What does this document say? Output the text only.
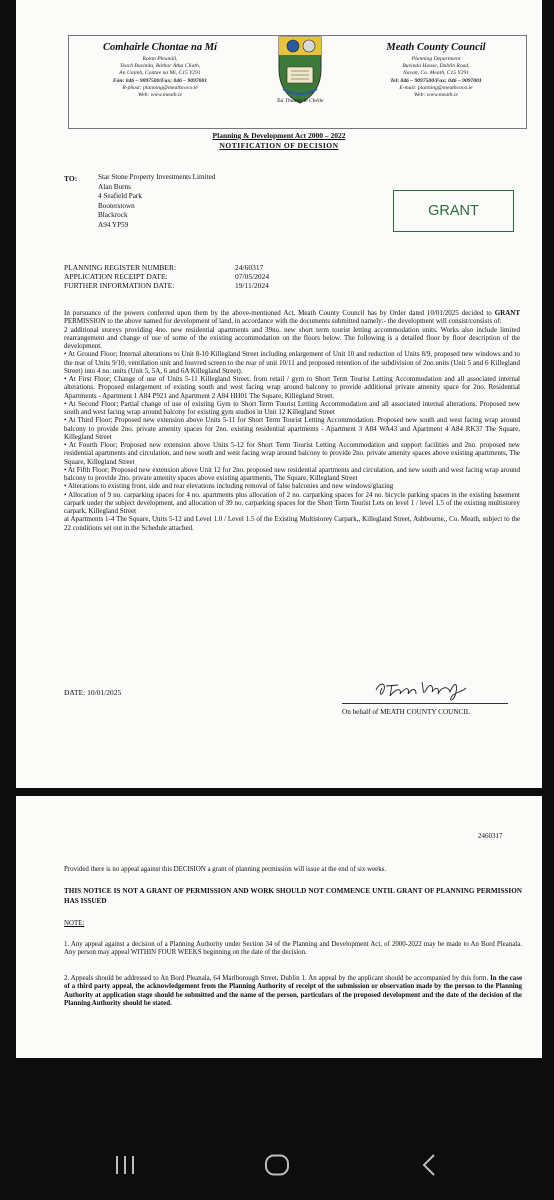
Comhairle Chontae na Mí
Roinn Pleanáil,
Teach Buvinda, Bóthar Átha Cliath,
An Uaimh, Contae na Mí, C15 Y291
Fón: 046 – 9097500/Fax: 046 – 9097001
R-phost: planning@meathcoco.ie
Web: www.meath.ie
Tuí Thuaisc le Chéile
Meath County Council
Planning Department
Buvinda House, Dublin Road,
Navan, Co. Meath, C15 Y291
Tel: 046 – 9097500/Fax: 046 – 9097001
E-mail: planning@meathcoco.ie
Web: www.meath.ie
Planning & Development Act 2000 – 2022
NOTIFICATION OF DECISION
TO:	Star Stone Property Investments Limited
Alan Burns
4 Seafield Park
Booterstown
Blackrock
A94 YP59
GRANT
PLANNING REGISTER NUMBER:	24/60317
APPLICATION RECEIPT DATE:	07/05/2024
FURTHER INFORMATION DATE:	19/11/2024

In pursuance of the powers conferred upon them by the above-mentioned Act, Meath County Council has by Order dated 10/01/2025 decided to GRANT PERMISSION to the above named for development of land, in accordance with the documents submitted namely:- the development will consist/consists of:

2 additional storeys providing 4no. new residential apartments and 39no. new short term tourist letting accommodation units. Works also include limited rearrangement and change of use of some of the existing accommodation on the floors below. The following is a detailed floor by floor description of the development.

• At Ground Floor; Internal alterations to Unit 8-10 Killegland Street including enlargement of Unit 10 and reduction of Units 8/9, proposed new windows and to the rear of Units 9/10, ventilation unit and louvred screen to the rear of unit 10/11 and proposed retention of the subdivision of 2no.units (Unit 5 and 6 Killegland Street) into 4 no. units (Unit 5, 5A, 6 and 6A Killegland Street).

• At First Floor; Change of use of Units 5-11 Killegland Street, from retail / gym to Short Term Tourist Letting Accommodation and all associated internal alterations. Proposed enlargement of existing south and west facing wrap around balcony to provide additional private amenity space for 2no. Residential Apartments - Apartment 1 A84 P921 and Apartment 2 A84 HH01 The Square, Killegland Street.

• At Second Floor; Partial change of use of existing Gym to Short Term Tourist Letting Accommodation and all associated internal alterations. Proposed new south and west facing wrap around balcony for existing gym studios in Unit 12 Killegland Street

• At Third Floor; Proposed new extension above Units 5-11 for Short Term Tourist Letting Accommodation. Proposed new south and west facing wrap around balcony to provide 2no. private amenity spaces for 2no. existing residential apartments - Apartment 3 A84 WA43 and Apartment 4 A84 RK37 The Square, Killegland Street

• At Fourth Floor; Proposed new extension above Units 5-12 for Short Term Tourist Letting Accommodation and support facilities and 2no. proposed new residential apartments and circulation, and new south and west facing wrap around balcony to provide 2no. private amenity spaces above existing apartments, The Square, Killegland Street

• At Fifth Floor; Proposed new extension above Unit 12 for 2no. proposed new residential apartments and circulation, and new south and west facing wrap around balcony to provide 2no. private amenity spaces above existing apartments, The Square, Killegland Street

• Alterations to existing front, side and rear elevations including removal of false balconies and new windows/glazing

• Allocation of 9 no. carparking spaces for 4 no. apartments plus allocation of 2 no. carparking spaces for 24 no. bicycle parking spaces in the existing basement carpark under the subject development, and allocation of 39 no. carparking spaces for the Short Term Tourist Lets on level 1 / level 1.5 of the existing multistorey carpark, Killegland Street

at Apartments 1-4 The Square, Units 5-12 and Level 1.0 / Level 1.5 of the Existing Multistorey Carpark,, Killegland Street, Ashbourne,, Co. Meath, subject to the 22 conditions set out in the Schedule attached.

DATE: 10/01/2025
On behalf of MEATH COUNTY COUNCIL
2460317
Provided there is no appeal against this DECISION a grant of planning permission will issue at the end of six weeks.
THIS NOTICE IS NOT A GRANT OF PERMISSION AND WORK SHOULD NOT COMMENCE UNTIL GRANT OF PLANNING PERMISSION HAS ISSUED
NOTE:
1. Any appeal against a decision of a Planning Authority under Section 34 of the Planning and Development Act, of 2000-2022 may be made to An Bord Pleanala. Any person may appeal WITHIN FOUR WEEKS beginning on the date of the decision.
2. Appeals should be addressed to An Bord Pleanala, 64 Marlborough Street, Dublin 1. An appeal by the applicant should be accompanied by this form. In the case of a third party appeal, the acknowledgement from the Planning Authority of receipt of the submission or observation made by the person to the Planning Authority at application stage should be submitted and the name of the person, particulars of the proposed development and the date of the decision of the Planning Authority should be stated.
